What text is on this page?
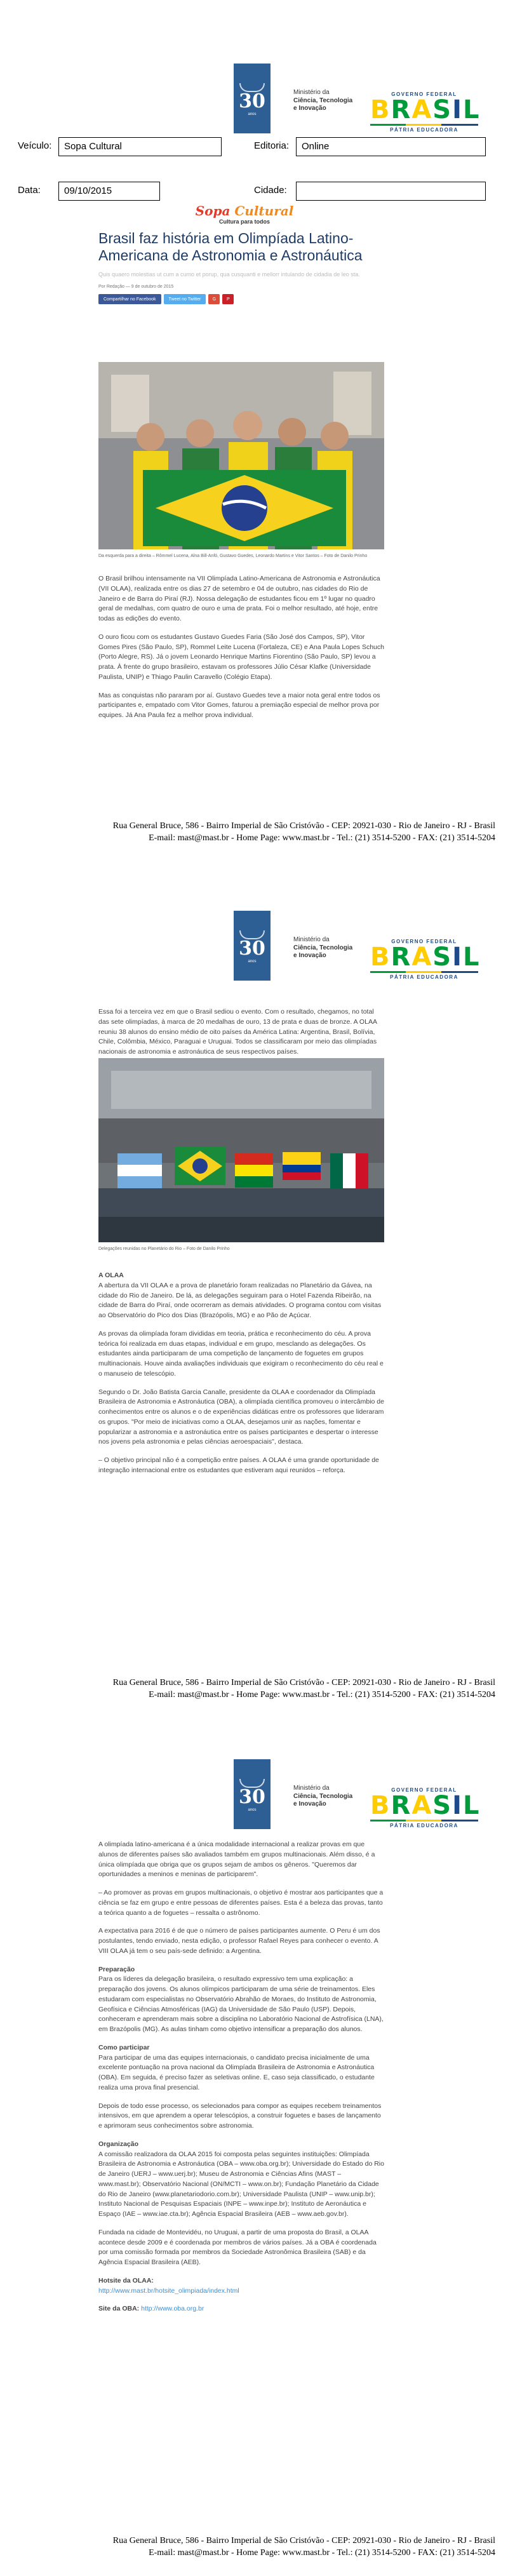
30
anos
Ministério da
Ciência, Tecnologia
e Inovação
GOVERNO FEDERAL
BRASIL
PÁTRIA EDUCADORA
Veículo:	Sopa Cultural	Editoria:	Online
Data:	09/10/2015	Cidade:
Sopa Cultural
Cultura para todos
Brasil faz história em Olimpíada Latino-Americana de Astronomia e Astronáutica
Quis quaero molestias ut cum a cumo et porup, qua cusquanti e mellorr intulando de cidadia de leo sta.
Por Redação — 9 de outubro de 2015
Compartilhar no Facebook	Tweet no Twitter	G	P
Da esquerda para a direita – Rômmel Lucena, Alna Bill-Anfó, Gustavo Guedes, Leonardo Martins e Vitor Santos – Foto de Danilo Prinho

O Brasil brilhou intensamente na VII Olimpíada Latino-Americana de Astronomia e Astronáutica (VII OLAA), realizada entre os dias 27 de setembro e 04 de outubro, nas cidades do Rio de Janeiro e de Barra do Piraí (RJ). Nossa delegação de estudantes ficou em 1º lugar no quadro geral de medalhas, com quatro de ouro e uma de prata. Foi o melhor resultado, até hoje, entre todas as edições do evento.

O ouro ficou com os estudantes Gustavo Guedes Faria (São José dos Campos, SP), Vitor Gomes Pires (São Paulo, SP), Rommel Leite Lucena (Fortaleza, CE) e Ana Paula Lopes Schuch (Porto Alegre, RS). Já o jovem Leonardo Henrique Martins Fiorentino (São Paulo, SP) levou a prata. À frente do grupo brasileiro, estavam os professores Júlio César Klafke (Universidade Paulista, UNIP) e Thiago Paulin Caravello (Colégio Etapa).

Mas as conquistas não pararam por aí. Gustavo Guedes teve a maior nota geral entre todos os participantes e, empatado com Vitor Gomes, faturou a premiação especial de melhor prova por equipes. Já Ana Paula fez a melhor prova individual.

Rua General Bruce, 586 - Bairro Imperial de São Cristóvão - CEP: 20921-030 - Rio de Janeiro - RJ - Brasil
E-mail: mast@mast.br - Home Page: www.mast.br - Tel.: (21) 3514-5200 - FAX: (21) 3514-5204
30
anos
Ministério da
Ciência, Tecnologia
e Inovação
GOVERNO FEDERAL
BRASIL
PÁTRIA EDUCADORA

Essa foi a terceira vez em que o Brasil sediou o evento. Com o resultado, chegamos, no total das sete olimpíadas, à marca de 20 medalhas de ouro, 13 de prata e duas de bronze. A OLAA reuniu 38 alunos do ensino médio de oito países da América Latina: Argentina, Brasil, Bolívia, Chile, Colômbia, México, Paraguai e Uruguai. Todos se classificaram por meio das olimpíadas nacionais de astronomia e astronáutica de seus respectivos países.

Delegações reunidas no Planetário do Rio – Foto de Danilo Prinho

A OLAA

A abertura da VII OLAA e a prova de planetário foram realizadas no Planetário da Gávea, na cidade do Rio de Janeiro. De lá, as delegações seguiram para o Hotel Fazenda Ribeirão, na cidade de Barra do Piraí, onde ocorreram as demais atividades. O programa contou com visitas ao Observatório do Pico dos Dias (Brazópolis, MG) e ao Pão de Açúcar.

As provas da olimpíada foram divididas em teoria, prática e reconhecimento do céu. A prova teórica foi realizada em duas etapas, individual e em grupo, mesclando as delegações. Os estudantes ainda participaram de uma competição de lançamento de foguetes em grupos multinacionais. Houve ainda avaliações individuais que exigiram o reconhecimento do céu real e o manuseio de telescópio.

Segundo o Dr. João Batista Garcia Canalle, presidente da OLAA e coordenador da Olimpíada Brasileira de Astronomia e Astronáutica (OBA), a olimpíada científica promoveu o intercâmbio de conhecimentos entre os alunos e o de experiências didáticas entre os professores que lideraram os grupos. "Por meio de iniciativas como a OLAA, desejamos unir as nações, fomentar e popularizar a astronomia e a astronáutica entre os países participantes e despertar o interesse nos jovens pela astronomia e pelas ciências aeroespaciais", destaca.

– O objetivo principal não é a competição entre países. A OLAA é uma grande oportunidade de integração internacional entre os estudantes que estiveram aqui reunidos – reforça.

Rua General Bruce, 586 - Bairro Imperial de São Cristóvão - CEP: 20921-030 - Rio de Janeiro - RJ - Brasil
E-mail: mast@mast.br - Home Page: www.mast.br - Tel.: (21) 3514-5200 - FAX: (21) 3514-5204
30
anos
Ministério da
Ciência, Tecnologia
e Inovação
GOVERNO FEDERAL
BRASIL
PÁTRIA EDUCADORA

A olimpíada latino-americana é a única modalidade internacional a realizar provas em que alunos de diferentes países são avaliados também em grupos multinacionais. Além disso, é a única olimpíada que obriga que os grupos sejam de ambos os gêneros. "Queremos dar oportunidades a meninos e meninas de participarem".

– Ao promover as provas em grupos multinacionais, o objetivo é mostrar aos participantes que a ciência se faz em grupo e entre pessoas de diferentes países. Esta é a beleza das provas, tanto a teórica quanto a de foguetes – ressalta o astrônomo.

A expectativa para 2016 é de que o número de países participantes aumente. O Peru é um dos postulantes, tendo enviado, nesta edição, o professor Rafael Reyes para conhecer o evento. A VIII OLAA já tem o seu país-sede definido: a Argentina.

Preparação

Para os líderes da delegação brasileira, o resultado expressivo tem uma explicação: a preparação dos jovens. Os alunos olímpicos participaram de uma série de treinamentos. Eles estudaram com especialistas no Observatório Abrahão de Moraes, do Instituto de Astronomia, Geofísica e Ciências Atmosféricas (IAG) da Universidade de São Paulo (USP). Depois, conheceram e aprenderam mais sobre a disciplina no Laboratório Nacional de Astrofísica (LNA), em Brazópolis (MG). As aulas tinham como objetivo intensificar a preparação dos alunos.

Como participar

Para participar de uma das equipes internacionais, o candidato precisa inicialmente de uma excelente pontuação na prova nacional da Olimpíada Brasileira de Astronomia e Astronáutica (OBA). Em seguida, é preciso fazer as seletivas online. E, caso seja classificado, o estudante realiza uma prova final presencial.

Depois de todo esse processo, os selecionados para compor as equipes recebem treinamentos intensivos, em que aprendem a operar telescópios, a construir foguetes e bases de lançamento e aprimoram seus conhecimentos sobre astronomia.

Organização

A comissão realizadora da OLAA 2015 foi composta pelas seguintes instituições: Olimpíada Brasileira de Astronomia e Astronáutica (OBA – www.oba.org.br); Universidade do Estado do Rio de Janeiro (UERJ – www.uerj.br); Museu de Astronomia e Ciências Afins (MAST – www.mast.br); Observatório Nacional (ON/MCTI – www.on.br); Fundação Planetário da Cidade do Rio de Janeiro (www.planetariodorio.com.br); Universidade Paulista (UNIP – www.unip.br); Instituto Nacional de Pesquisas Espaciais (INPE – www.inpe.br); Instituto de Aeronáutica e Espaço (IAE – www.iae.cta.br); Agência Espacial Brasileira (AEB – www.aeb.gov.br).

Fundada na cidade de Montevidéu, no Uruguai, a partir de uma proposta do Brasil, a OLAA acontece desde 2009 e é coordenada por membros de vários países. Já a OBA é coordenada por uma comissão formada por membros da Sociedade Astronômica Brasileira (SAB) e da Agência Espacial Brasileira (AEB).

Hotsite da OLAA:

http://www.mast.br/hotsite_olimpiada/index.html

Site da OBA: http://www.oba.org.br
Rua General Bruce, 586 - Bairro Imperial de São Cristóvão - CEP: 20921-030 - Rio de Janeiro - RJ - Brasil
E-mail: mast@mast.br - Home Page: www.mast.br - Tel.: (21) 3514-5200 - FAX: (21) 3514-5204
